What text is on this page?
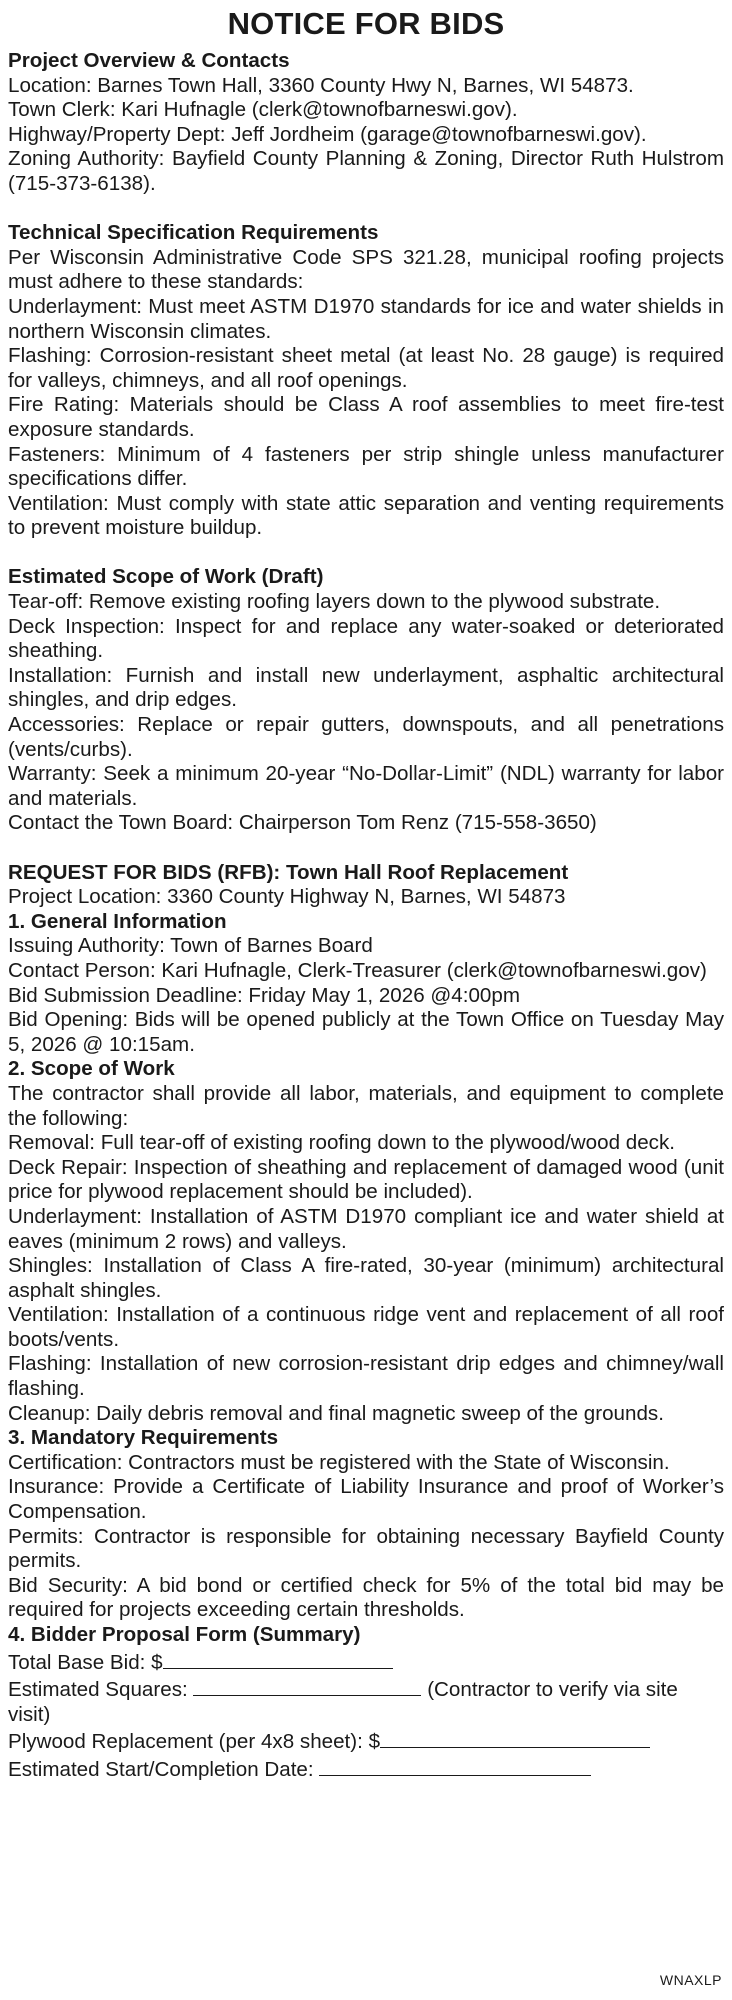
NOTICE FOR BIDS

Project Overview & Contacts

Location: Barnes Town Hall, 3360 County Hwy N, Barnes, WI 54873.

Town Clerk: Kari Hufnagle (clerk@townofbarneswi.gov).

Highway/Property Dept: Jeff Jordheim (garage@townofbarneswi.gov).

Zoning Authority: Bayfield County Planning & Zoning, Director Ruth Hulstrom (715-373-6138).

Technical Specification Requirements

Per Wisconsin Administrative Code SPS 321.28, municipal roofing projects must adhere to these standards:

Underlayment: Must meet ASTM D1970 standards for ice and water shields in northern Wisconsin climates.

Flashing: Corrosion-resistant sheet metal (at least No. 28 gauge) is required for valleys, chimneys, and all roof openings.

Fire Rating: Materials should be Class A roof assemblies to meet fire-test exposure standards.

Fasteners: Minimum of 4 fasteners per strip shingle unless manufacturer specifications differ.

Ventilation: Must comply with state attic separation and venting requirements to prevent moisture buildup.

Estimated Scope of Work (Draft)

Tear-off: Remove existing roofing layers down to the plywood substrate.

Deck Inspection: Inspect for and replace any water-soaked or deteriorated sheathing.

Installation: Furnish and install new underlayment, asphaltic architectural shingles, and drip edges.

Accessories: Replace or repair gutters, downspouts, and all penetrations (vents/curbs).

Warranty: Seek a minimum 20-year “No-Dollar-Limit” (NDL) warranty for labor and materials.

Contact the Town Board: Chairperson Tom Renz (715-558-3650)

REQUEST FOR BIDS (RFB): Town Hall Roof Replacement

Project Location: 3360 County Highway N, Barnes, WI 54873

1. General Information

Issuing Authority: Town of Barnes Board

Contact Person: Kari Hufnagle, Clerk-Treasurer (clerk@townofbarneswi.gov)

Bid Submission Deadline: Friday May 1, 2026 @4:00pm

Bid Opening: Bids will be opened publicly at the Town Office on Tuesday May 5, 2026 @ 10:15am.

2. Scope of Work

The contractor shall provide all labor, materials, and equipment to complete the following:

Removal: Full tear-off of existing roofing down to the plywood/wood deck.

Deck Repair: Inspection of sheathing and replacement of damaged wood (unit price for plywood replacement should be included).

Underlayment: Installation of ASTM D1970 compliant ice and water shield at eaves (minimum 2 rows) and valleys.

Shingles: Installation of Class A fire-rated, 30-year (minimum) architectural asphalt shingles.

Ventilation: Installation of a continuous ridge vent and replacement of all roof boots/vents.

Flashing: Installation of new corrosion-resistant drip edges and chimney/wall flashing.

Cleanup: Daily debris removal and final magnetic sweep of the grounds.

3. Mandatory Requirements

Certification: Contractors must be registered with the State of Wisconsin.

Insurance: Provide a Certificate of Liability Insurance and proof of Worker’s Compensation.

Permits: Contractor is responsible for obtaining necessary Bayfield County permits.

Bid Security: A bid bond or certified check for 5% of the total bid may be required for projects exceeding certain thresholds.

4. Bidder Proposal Form (Summary)

Total Base Bid: $
Estimated Squares:	(Contractor to verify via site visit)
Plywood Replacement (per 4x8 sheet): $
Estimated Start/Completion Date:
WNAXLP
